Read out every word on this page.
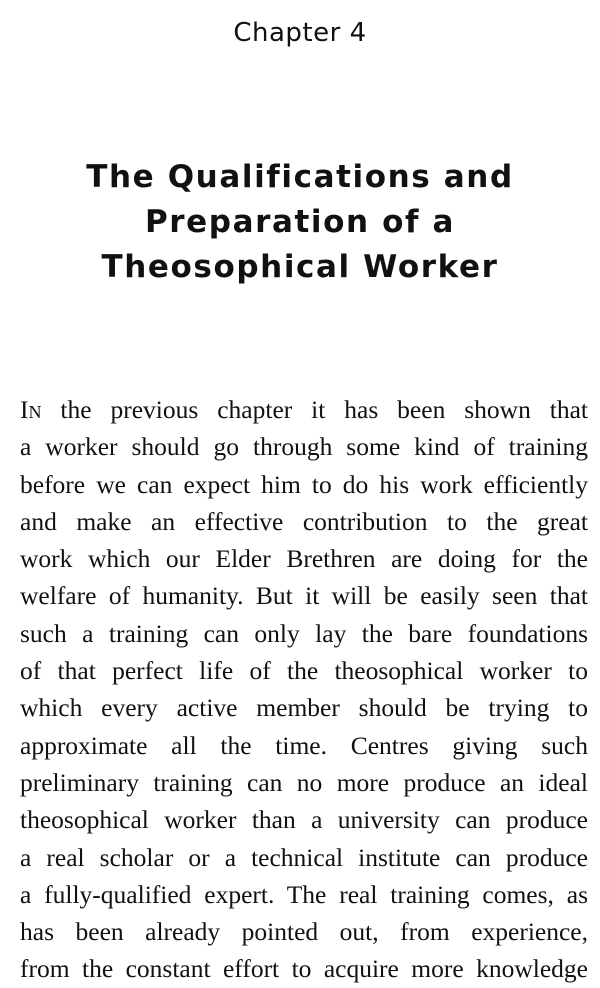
Chapter 4
The Qualifications and
Preparation of a
Theosophical Worker
In the previous chapter it has been shown that
a worker should go through some kind of training
before we can expect him to do his work efficiently
and make an effective contribution to the great
work which our Elder Brethren are doing for the
welfare of humanity. But it will be easily seen that
such a training can only lay the bare foundations
of that perfect life of the theosophical worker to
which every active member should be trying to
approximate all the time. Centres giving such
preliminary training can no more produce an ideal
theosophical worker than a university can produce
a real scholar or a technical institute can produce
a fully-qualified expert. The real training comes, as
has been already pointed out, from experience,
from the constant effort to acquire more knowledge
